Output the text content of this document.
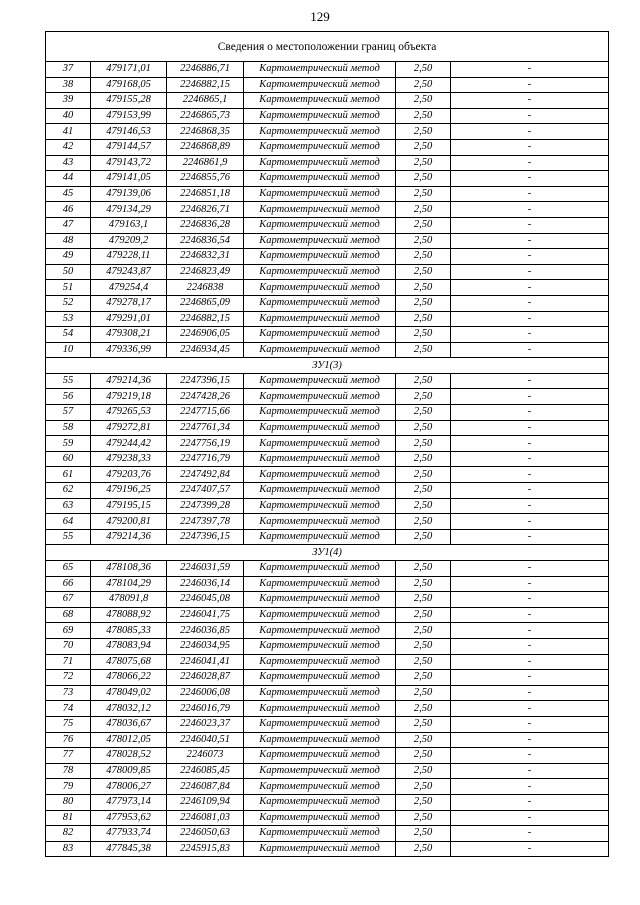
129
Сведения о местоположении границ объекта					
37	479171,01	2246886,71	Картометрический метод	2,50	-
38	479168,05	2246882,15	Картометрический метод	2,50	-
39	479155,28	2246865,1	Картометрический метод	2,50	-
40	479153,99	2246865,73	Картометрический метод	2,50	-
41	479146,53	2246868,35	Картометрический метод	2,50	-
42	479144,57	2246868,89	Картометрический метод	2,50	-
43	479143,72	2246861,9	Картометрический метод	2,50	-
44	479141,05	2246855,76	Картометрический метод	2,50	-
45	479139,06	2246851,18	Картометрический метод	2,50	-
46	479134,29	2246826,71	Картометрический метод	2,50	-
47	479163,1	2246836,28	Картометрический метод	2,50	-
48	479209,2	2246836,54	Картометрический метод	2,50	-
49	479228,11	2246832,31	Картометрический метод	2,50	-
50	479243,87	2246823,49	Картометрический метод	2,50	-
51	479254,4	2246838	Картометрический метод	2,50	-
52	479278,17	2246865,09	Картометрический метод	2,50	-
53	479291,01	2246882,15	Картометрический метод	2,50	-
54	479308,21	2246906,05	Картометрический метод	2,50	-
10	479336,99	2246934,45	Картометрический метод	2,50	-
ЗУ1(3)					
55	479214,36	2247396,15	Картометрический метод	2,50	-
56	479219,18	2247428,26	Картометрический метод	2,50	-
57	479265,53	2247715,66	Картометрический метод	2,50	-
58	479272,81	2247761,34	Картометрический метод	2,50	-
59	479244,42	2247756,19	Картометрический метод	2,50	-
60	479238,33	2247716,79	Картометрический метод	2,50	-
61	479203,76	2247492,84	Картометрический метод	2,50	-
62	479196,25	2247407,57	Картометрический метод	2,50	-
63	479195,15	2247399,28	Картометрический метод	2,50	-
64	479200,81	2247397,78	Картометрический метод	2,50	-
55	479214,36	2247396,15	Картометрический метод	2,50	-
ЗУ1(4)					
65	478108,36	2246031,59	Картометрический метод	2,50	-
66	478104,29	2246036,14	Картометрический метод	2,50	-
67	478091,8	2246045,08	Картометрический метод	2,50	-
68	478088,92	2246041,75	Картометрический метод	2,50	-
69	478085,33	2246036,85	Картометрический метод	2,50	-
70	478083,94	2246034,95	Картометрический метод	2,50	-
71	478075,68	2246041,41	Картометрический метод	2,50	-
72	478066,22	2246028,87	Картометрический метод	2,50	-
73	478049,02	2246006,08	Картометрический метод	2,50	-
74	478032,12	2246016,79	Картометрический метод	2,50	-
75	478036,67	2246023,37	Картометрический метод	2,50	-
76	478012,05	2246040,51	Картометрический метод	2,50	-
77	478028,52	2246073	Картометрический метод	2,50	-
78	478009,85	2246085,45	Картометрический метод	2,50	-
79	478006,27	2246087,84	Картометрический метод	2,50	-
80	477973,14	2246109,94	Картометрический метод	2,50	-
81	477953,62	2246081,03	Картометрический метод	2,50	-
82	477933,74	2246050,63	Картометрический метод	2,50	-
83	477845,38	2245915,83	Картометрический метод	2,50	-
